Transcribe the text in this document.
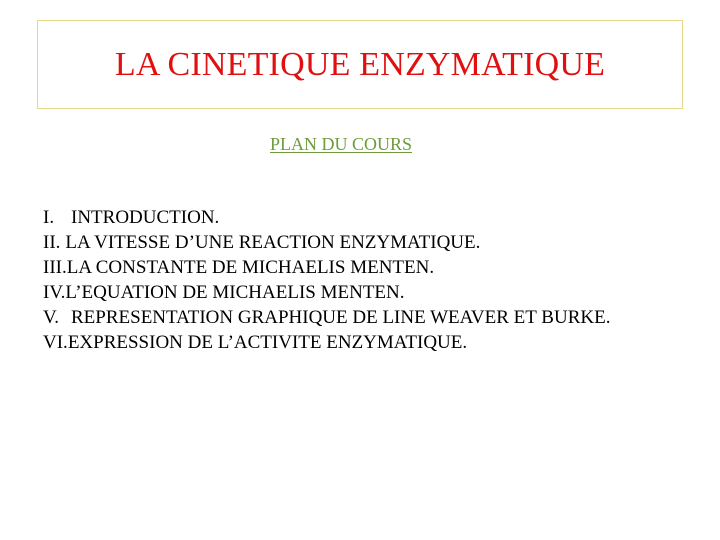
LA CINETIQUE ENZYMATIQUE
PLAN DU COURS
I. INTRODUCTION.
II. LA VITESSE D’UNE REACTION ENZYMATIQUE.
III. LA CONSTANTE DE MICHAELIS MENTEN.
IV. L’EQUATION DE MICHAELIS MENTEN.
V. REPRESENTATION GRAPHIQUE DE LINE WEAVER ET BURKE.
VI. EXPRESSION DE L’ACTIVITE ENZYMATIQUE.
